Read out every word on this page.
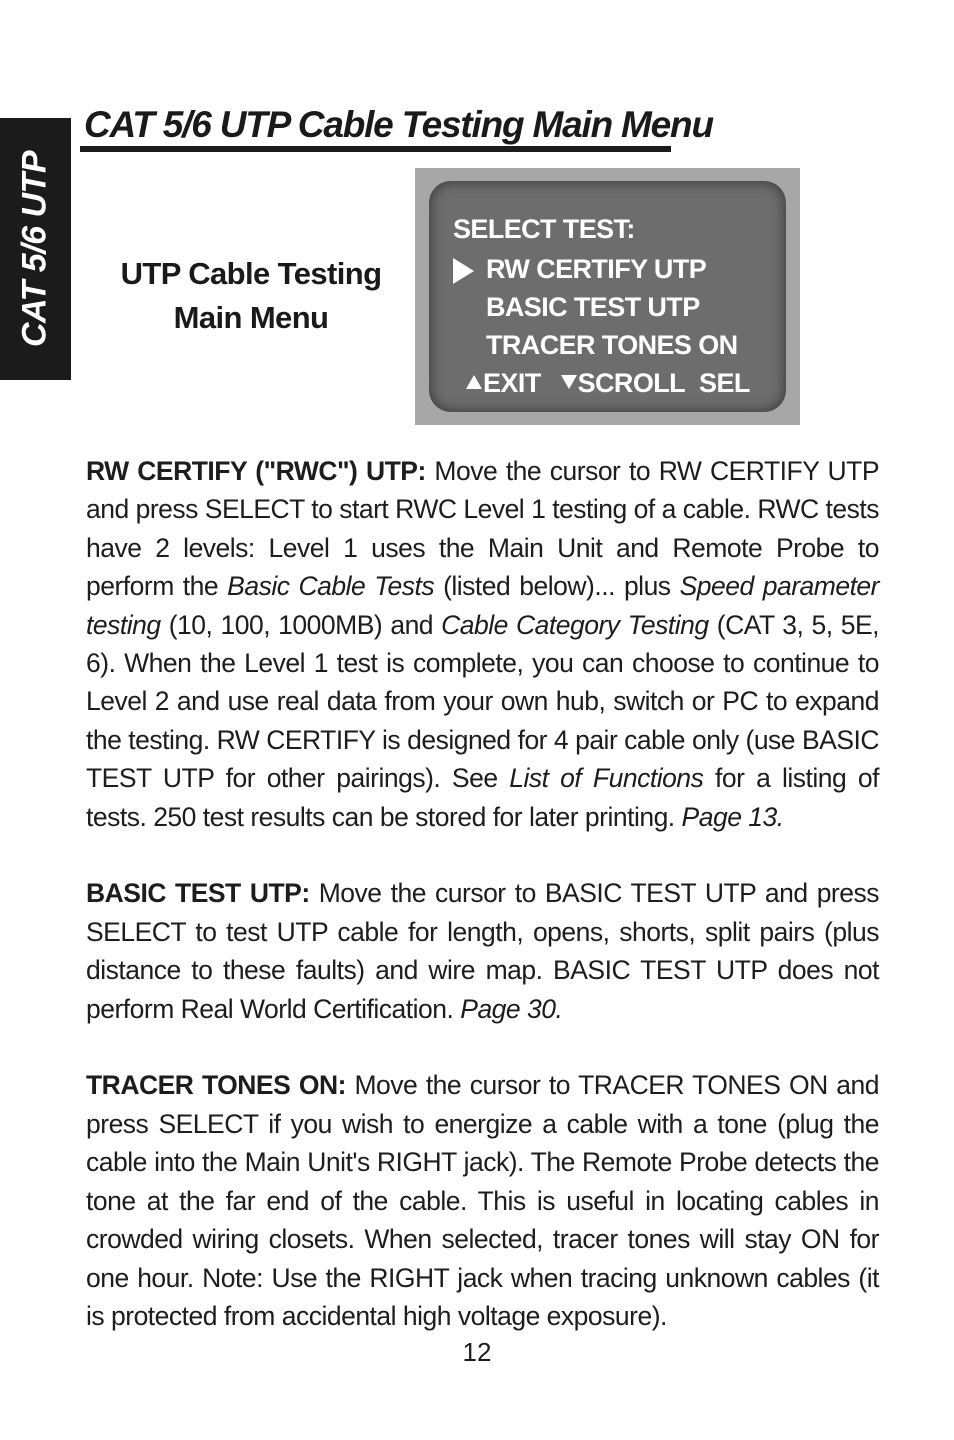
CAT 5/6 UTP
CAT 5/6 UTP Cable Testing Main Menu
UTP Cable Testing
Main Menu
SELECT TEST:
RW CERTIFY UTP
BASIC TEST UTP
TRACER TONES ON
EXIT SCROLL SEL

RW CERTIFY ("RWC") UTP: Move the cursor to RW CERTIFY UTP and press SELECT to start RWC Level 1 testing of a cable. RWC tests have 2 levels: Level 1 uses the Main Unit and Remote Probe to perform the Basic Cable Tests (listed below)... plus Speed parameter testing (10, 100, 1000MB) and Cable Category Testing (CAT 3, 5, 5E, 6). When the Level 1 test is complete, you can choose to continue to Level 2 and use real data from your own hub, switch or PC to expand the testing. RW CERTIFY is designed for 4 pair cable only (use BASIC TEST UTP for other pairings). See List of Functions for a listing of tests. 250 test results can be stored for later printing. Page 13.

BASIC TEST UTP: Move the cursor to BASIC TEST UTP and press SELECT to test UTP cable for length, opens, shorts, split pairs (plus distance to these faults) and wire map. BASIC TEST UTP does not perform Real World Certification. Page 30.

TRACER TONES ON: Move the cursor to TRACER TONES ON and press SELECT if you wish to energize a cable with a tone (plug the cable into the Main Unit's RIGHT jack). The Remote Probe detects the tone at the far end of the cable. This is useful in locating cables in crowded wiring closets. When selected, tracer tones will stay ON for one hour. Note: Use the RIGHT jack when tracing unknown cables (it is protected from accidental high voltage exposure).

12
